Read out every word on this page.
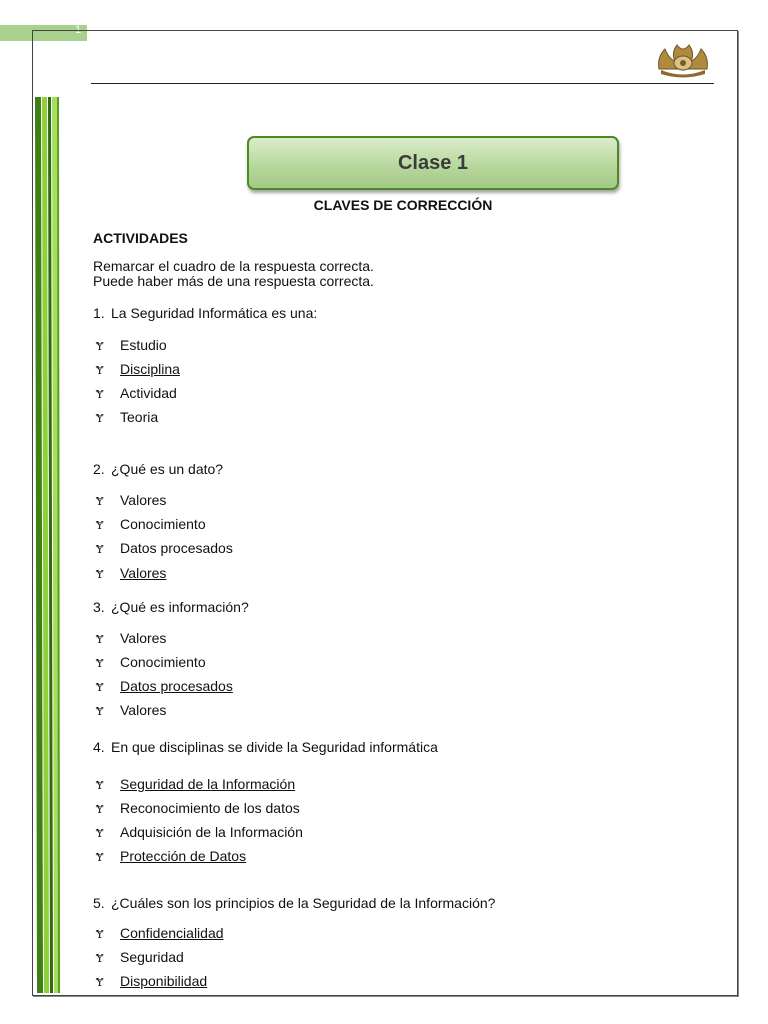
1
Clase 1
CLAVES DE CORRECCIÓN
ACTIVIDADES
Remarcar el cuadro de la respuesta correcta.
Puede haber más de una respuesta correcta.
1. La Seguridad Informática es una:
Ɏ Estudio
Ɏ Disciplina
Ɏ Actividad
Ɏ Teoria
2. ¿Qué es un dato?
Ɏ Valores
Ɏ Conocimiento
Ɏ Datos procesados
Ɏ Valores
3. ¿Qué es información?
Ɏ Valores
Ɏ Conocimiento
Ɏ Datos procesados
Ɏ Valores
4. En que disciplinas se divide la Seguridad informática
Ɏ Seguridad de la Información
Ɏ Reconocimiento de los datos
Ɏ Adquisición de la Información
Ɏ Protección de Datos
5. ¿Cuáles son los principios de la Seguridad de la Información?
Ɏ Confidencialidad
Ɏ Seguridad
Ɏ Disponibilidad
